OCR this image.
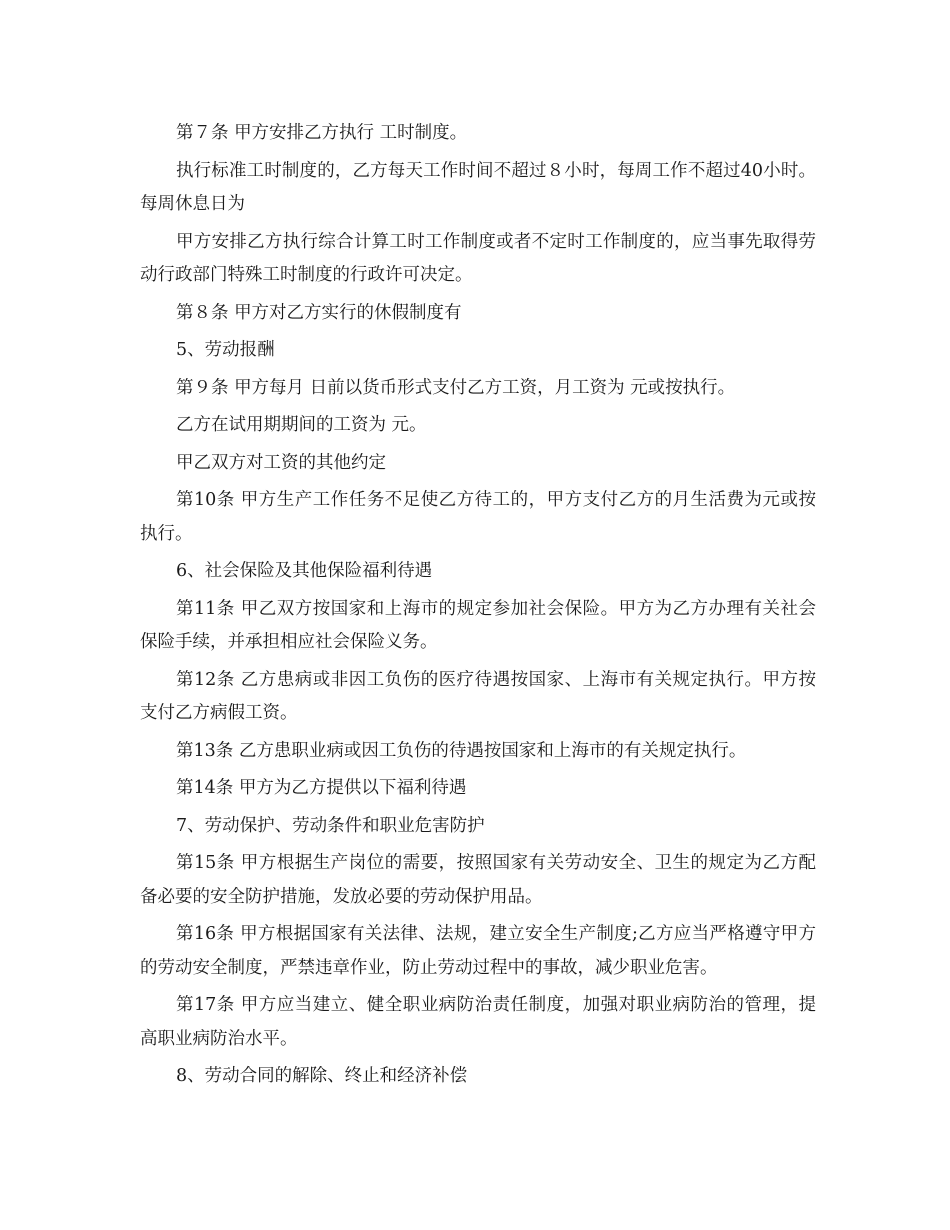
第７条 甲方安排乙方执行 工时制度。

执行标准工时制度的，乙方每天工作时间不超过８小时，每周工作不超过40小时。每周休息日为

甲方安排乙方执行综合计算工时工作制度或者不定时工作制度的，应当事先取得劳动行政部门特殊工时制度的行政许可决定。

第８条 甲方对乙方实行的休假制度有

5、劳动报酬

第９条 甲方每月 日前以货币形式支付乙方工资，月工资为 元或按执行。

乙方在试用期期间的工资为 元。

甲乙双方对工资的其他约定

第10条 甲方生产工作任务不足使乙方待工的，甲方支付乙方的月生活费为元或按 执行。

6、社会保险及其他保险福利待遇

第11条 甲乙双方按国家和上海市的规定参加社会保险。甲方为乙方办理有关社会保险手续，并承担相应社会保险义务。

第12条 乙方患病或非因工负伤的医疗待遇按国家、上海市有关规定执行。甲方按支付乙方病假工资。

第13条 乙方患职业病或因工负伤的待遇按国家和上海市的有关规定执行。

第14条 甲方为乙方提供以下福利待遇

7、劳动保护、劳动条件和职业危害防护

第15条 甲方根据生产岗位的需要，按照国家有关劳动安全、卫生的规定为乙方配备必要的安全防护措施，发放必要的劳动保护用品。

第16条 甲方根据国家有关法律、法规，建立安全生产制度;乙方应当严格遵守甲方的劳动安全制度，严禁违章作业，防止劳动过程中的事故，减少职业危害。

第17条 甲方应当建立、健全职业病防治责任制度，加强对职业病防治的管理，提高职业病防治水平。

8、劳动合同的解除、终止和经济补偿
